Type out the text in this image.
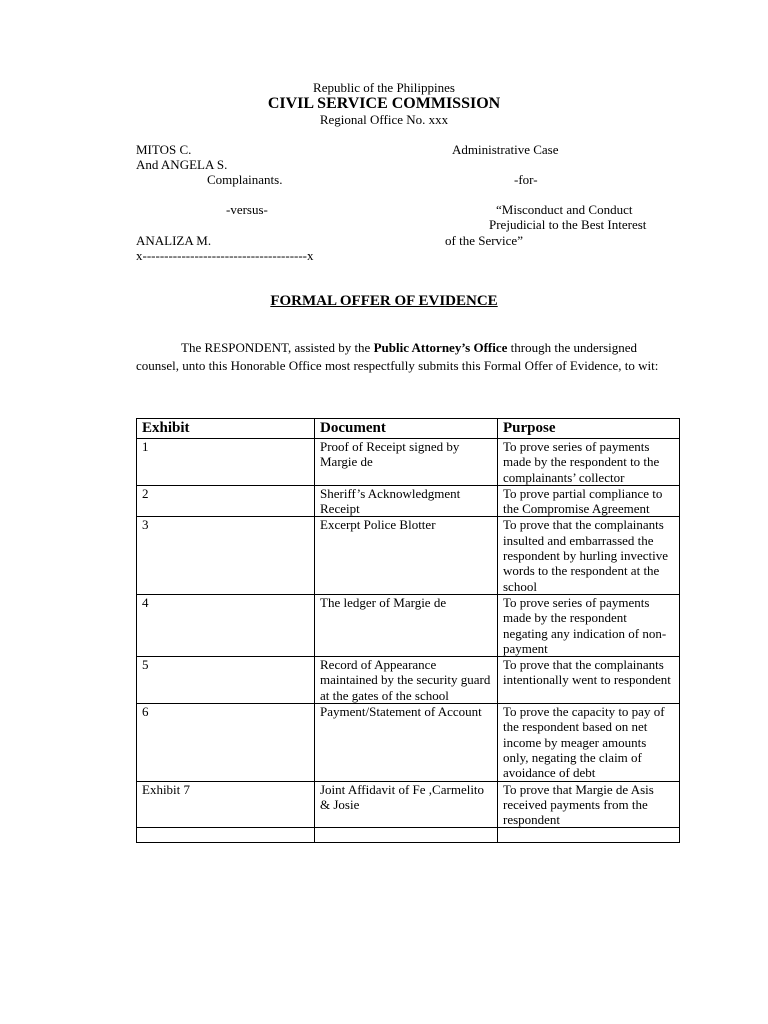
Republic of the Philippines
CIVIL SERVICE COMMISSION
Regional Office No. xxx
MITOS C.
And ANGELA S.
Complainants.
-versus-
ANALIZA M.
x--------------------------------------x
Administrative Case
-for-
“Misconduct and Conduct
Prejudicial to the Best Interest
of the Service”
FORMAL OFFER OF EVIDENCE
The RESPONDENT, assisted by the Public Attorney’s Office through the undersigned counsel, unto this Honorable Office most respectfully submits this Formal Offer of Evidence, to wit:
Exhibit	Document	Purpose
1	Proof of Receipt signed by Margie de	To prove series of payments made by the respondent to the complainants’ collector
2	Sheriff’s Acknowledgment Receipt	To prove partial compliance to the Compromise Agreement
3	Excerpt Police Blotter	To prove that the complainants insulted and embarrassed the respondent by hurling invective words to the respondent at the school
4	The ledger of Margie de	To prove series of payments made by the respondent negating any indication of non-payment
5	Record of Appearance maintained by the security guard at the gates of the school	To prove that the complainants intentionally went to respondent
6	Payment/Statement of Account	To prove the capacity to pay of the respondent based on net income by meager amounts only, negating the claim of avoidance of debt
Exhibit 7	Joint Affidavit of Fe ,Carmelito & Josie	To prove that Margie de Asis received payments from the respondent
